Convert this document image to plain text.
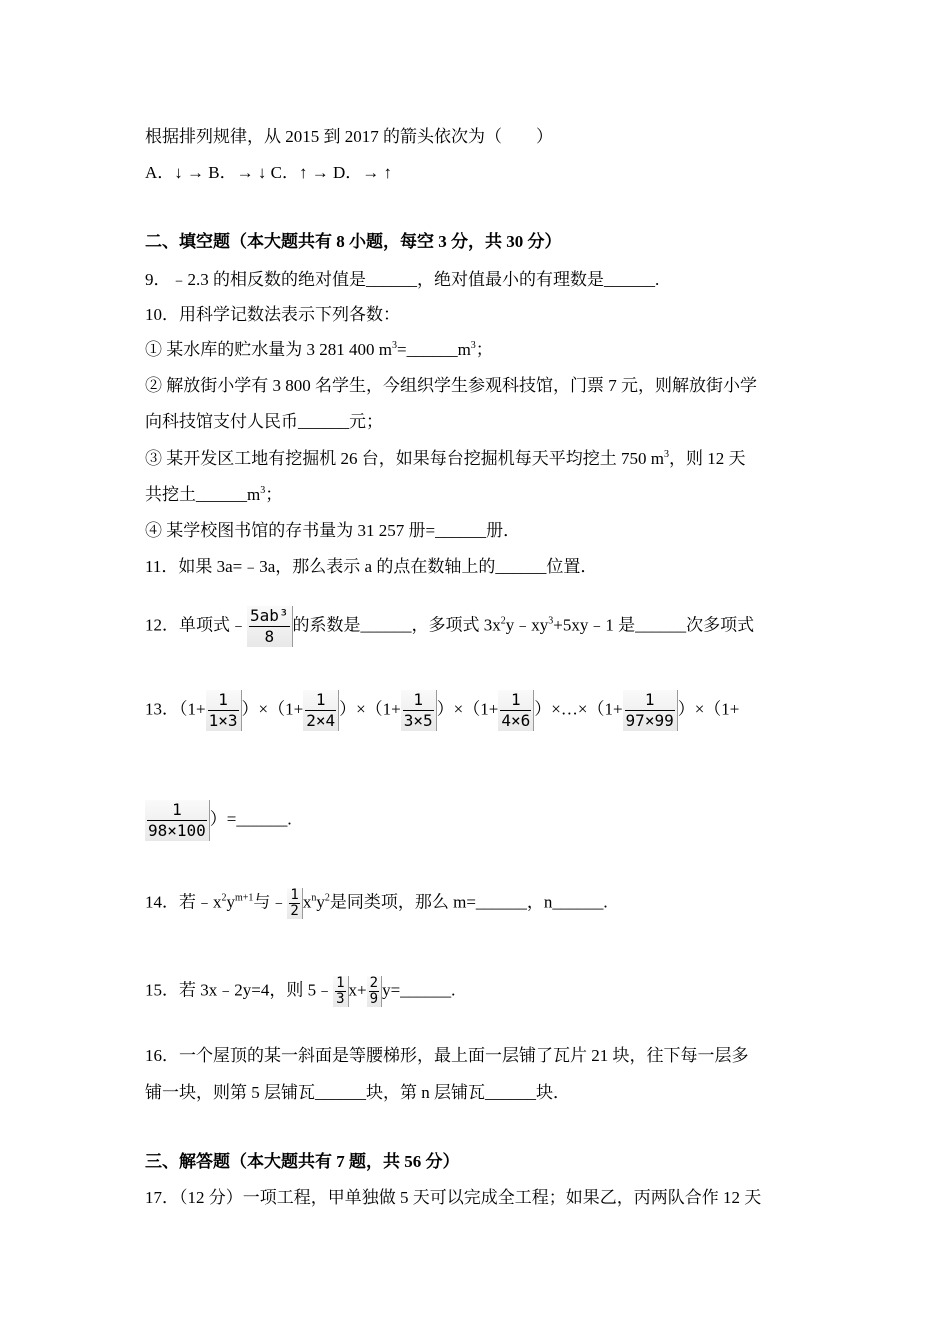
根据排列规律，从 2015 到 2017 的箭头依次为（　　）
A．↓ → B．→ ↓ C．↑ → D．→ ↑
二、填空题（本大题共有 8 小题，每空 3 分，共 30 分）
9．﹣2.3 的相反数的绝对值是______，绝对值最小的有理数是______.
10．用科学记数法表示下列各数：
① 某水库的贮水量为 3 281 400 $m^3=\_\_\_\_\_\_m^3$；
② 解放街小学有 3 800 名学生，今组织学生参观科技馆，门票 7 元，则解放街小学
向科技馆支付人民币______元；
③ 某开发区工地有挖掘机 26 台，如果每台挖掘机每天平均挖土 750 $m^3$，则 12 天
共挖土$\_\_\_\_\_\_m^3$；
④ 某学校图书馆的存书量为 31 257 册=______册．
11．如果 3a=﹣3a，那么表示 a 的点在数轴上的______位置．
12．单项式﹣ $\frac{\text{5ab³}}{8}$ 的系数是______，多项式 $3x^2y﹣xy^3+5xy﹣1$ 是______次多项式
13．$(1+ \frac{1}{1\times 3} )\times(1+ \frac{1}{2\times 4} )\times(1+ \frac{1}{3\times 5} )\times(1+ \frac{1}{4\times 6}$ ）×…×（1+ $\frac{1}{97\times 99} )\times(1+$
$\frac{1}{98\times 100}$ ）=______.
14．若$﹣x^2y^{m+1}$与﹣ $\frac{1}{2} x^ny^2$是同类项，那么 m=______，n______.
15．若 3x﹣2y=4，则 5﹣ $\frac{1}{3} x+ \frac{2}{9}$ y=______.
16．一个屋顶的某一斜面是等腰梯形，最上面一层铺了瓦片 21 块，往下每一层多
铺一块，则第 5 层铺瓦______块，第 n 层铺瓦______块．
三、解答题（本大题共有 7 题，共 56 分）
17．（12 分）一项工程，甲单独做 5 天可以完成全工程；如果乙，丙两队合作 12 天
